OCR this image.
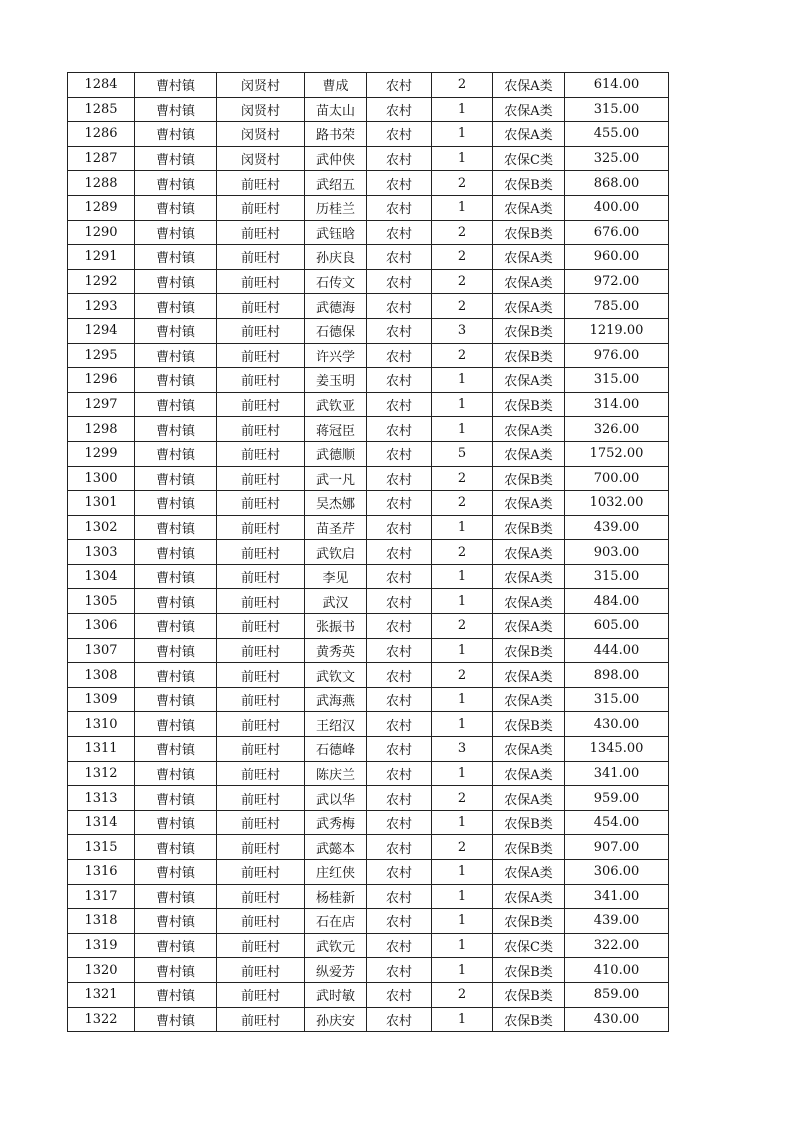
1284	曹村镇	闵贤村	曹成	农村	2	农保A类	614.00
1285	曹村镇	闵贤村	苗太山	农村	1	农保A类	315.00
1286	曹村镇	闵贤村	路书荣	农村	1	农保A类	455.00
1287	曹村镇	闵贤村	武仲侠	农村	1	农保C类	325.00
1288	曹村镇	前旺村	武绍五	农村	2	农保B类	868.00
1289	曹村镇	前旺村	历桂兰	农村	1	农保A类	400.00
1290	曹村镇	前旺村	武钰晗	农村	2	农保B类	676.00
1291	曹村镇	前旺村	孙庆良	农村	2	农保A类	960.00
1292	曹村镇	前旺村	石传文	农村	2	农保A类	972.00
1293	曹村镇	前旺村	武德海	农村	2	农保A类	785.00
1294	曹村镇	前旺村	石德保	农村	3	农保B类	1219.00
1295	曹村镇	前旺村	许兴学	农村	2	农保B类	976.00
1296	曹村镇	前旺村	姜玉明	农村	1	农保A类	315.00
1297	曹村镇	前旺村	武钦亚	农村	1	农保B类	314.00
1298	曹村镇	前旺村	蒋冠臣	农村	1	农保A类	326.00
1299	曹村镇	前旺村	武德顺	农村	5	农保A类	1752.00
1300	曹村镇	前旺村	武一凡	农村	2	农保B类	700.00
1301	曹村镇	前旺村	吴杰娜	农村	2	农保A类	1032.00
1302	曹村镇	前旺村	苗圣芹	农村	1	农保B类	439.00
1303	曹村镇	前旺村	武钦启	农村	2	农保A类	903.00
1304	曹村镇	前旺村	李见	农村	1	农保A类	315.00
1305	曹村镇	前旺村	武汉	农村	1	农保A类	484.00
1306	曹村镇	前旺村	张振书	农村	2	农保A类	605.00
1307	曹村镇	前旺村	黄秀英	农村	1	农保B类	444.00
1308	曹村镇	前旺村	武钦文	农村	2	农保A类	898.00
1309	曹村镇	前旺村	武海燕	农村	1	农保A类	315.00
1310	曹村镇	前旺村	王绍汉	农村	1	农保B类	430.00
1311	曹村镇	前旺村	石德峰	农村	3	农保A类	1345.00
1312	曹村镇	前旺村	陈庆兰	农村	1	农保A类	341.00
1313	曹村镇	前旺村	武以华	农村	2	农保A类	959.00
1314	曹村镇	前旺村	武秀梅	农村	1	农保B类	454.00
1315	曹村镇	前旺村	武懿本	农村	2	农保B类	907.00
1316	曹村镇	前旺村	庄红侠	农村	1	农保A类	306.00
1317	曹村镇	前旺村	杨桂新	农村	1	农保A类	341.00
1318	曹村镇	前旺村	石在店	农村	1	农保B类	439.00
1319	曹村镇	前旺村	武钦元	农村	1	农保C类	322.00
1320	曹村镇	前旺村	纵爱芳	农村	1	农保B类	410.00
1321	曹村镇	前旺村	武时敏	农村	2	农保B类	859.00
1322	曹村镇	前旺村	孙庆安	农村	1	农保B类	430.00
